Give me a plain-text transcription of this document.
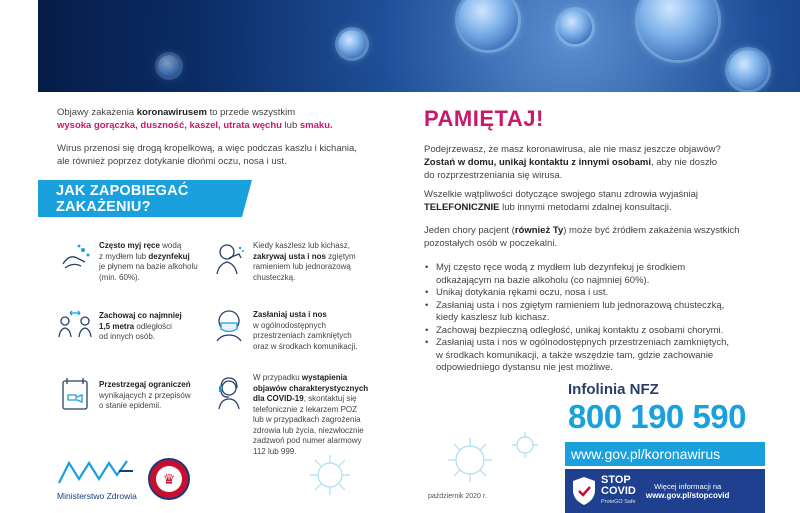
Objawy zakażenia koronawirusem to przede wszystkim
wysoka gorączka, duszność, kaszel, utrata węchu lub smaku.

Wirus przenosi się drogą kropelkową, a więc podczas kaszlu i kichania,
ale również poprzez dotykanie dłońmi oczu, nosa i ust.

JAK ZAPOBIEGAĆ ZAKAŻENIU?
Często myj ręce wodą
z mydłem lub dezynfekuj
je płynem na bazie alkoholu
(min. 60%).
Kiedy kaszlesz lub kichasz,
zakrywaj usta i nos zgiętym
ramieniem lub jednorazową
chusteczką.
Zachowaj co najmniej
1,5 metra odległości
od innych osób.
Zasłaniaj usta i nos
w ogólnodostępnych
przestrzeniach zamkniętych
oraz w środkach komunikacji.
Przestrzegaj ograniczeń
wynikających z przepisów
o stanie epidemii.
W przypadku wystąpienia
objawów charakterystycznych
dla COVID-19, skontaktuj się
telefonicznie z lekarzem POZ
lub w przypadkach zagrożenia
zdrowia lub życia, niezwłocznie
zadzwoń pod numer alarmowy
112 lub 999.
Ministerstwo Zdrowia
♛
PAMIĘTAJ!
Podejrzewasz, że masz koronawirusa, ale nie masz jeszcze objawów?
Zostań w domu, unikaj kontaktu z innymi osobami, aby nie doszło
do rozprzestrzeniania się wirusa.
Wszelkie wątpliwości dotyczące swojego stanu zdrowia wyjaśniaj
TELEFONICZNIE lub innymi metodami zdalnej konsultacji.
Jeden chory pacjent (również Ty) może być źródłem zakażenia wszystkich
pozostałych osób w poczekalni.
• Myj często ręce wodą z mydłem lub dezynfekuj je środkiem
odkażającym na bazie alkoholu (co najmniej 60%).
• Unikaj dotykania rękami oczu, nosa i ust.
• Zasłaniaj usta i nos zgiętym ramieniem lub jednorazową chusteczką,
kiedy kaszlesz lub kichasz.
• Zachowaj bezpieczną odległość, unikaj kontaktu z osobami chorymi.
• Zasłaniaj usta i nos w ogólnodostępnych przestrzeniach zamkniętych,
w środkach komunikacji, a także wszędzie tam, gdzie zachowanie
odpowiedniego dystansu nie jest możliwe.
Infolinia NFZ
800 190 590
www.gov.pl/koronawirus
STOP
COVID
ProteGO Safe
Więcej informacji na
www.gov.pl/stopcovid
październik 2020 r.
